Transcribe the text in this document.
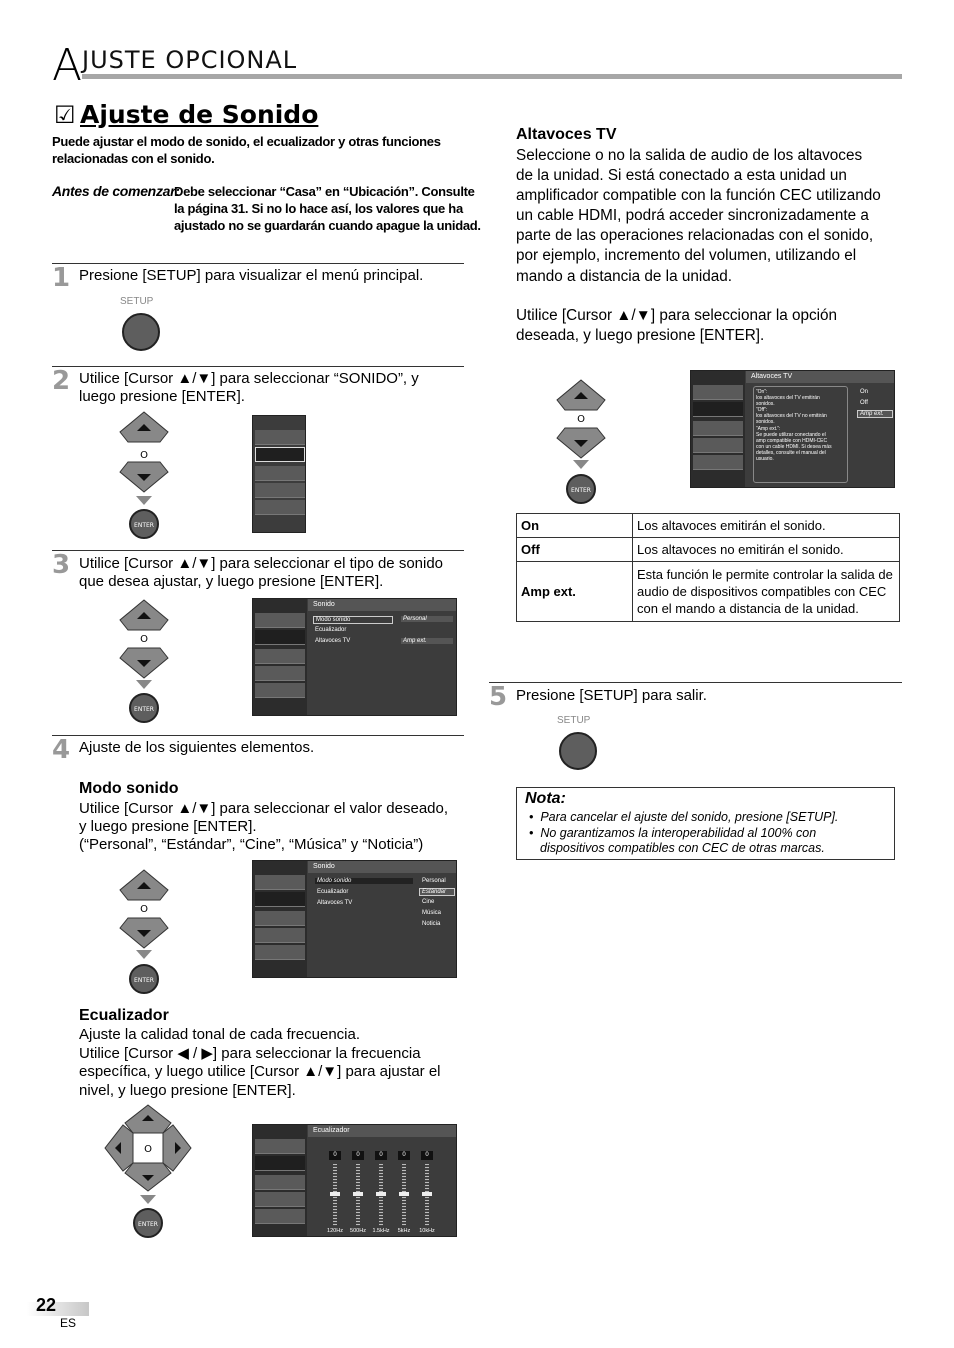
A JUSTE OPCIONAL
☑ Ajuste de Sonido
Puede ajustar el modo de sonido, el ecualizador y otras funciones
relacionadas con el sonido.
Antes de comenzar:
Debe seleccionar “Casa” en “Ubicación”. Consulte
la página 31. Si no lo hace así, los valores que ha
ajustado no se guardarán cuando apague la unidad.
1 Presione [SETUP] para visualizar el menú principal.
SETUP
2 Utilice [Cursor ▲/▼] para seleccionar “SONIDO”, y
luego presione [ENTER].
O
ENTER
3 Utilice [Cursor ▲/▼] para seleccionar el tipo de sonido
que desea ajustar, y luego presione [ENTER].
O
ENTER
Sonido
Modo sonido
Ecualizador
Altavoces TV
Personal
Amp ext.
4 Ajuste de los siguientes elementos.
Modo sonido
Utilice [Cursor ▲/▼] para seleccionar el valor deseado,
y luego presione [ENTER].
(“Personal”, “Estándar”, “Cine”, “Música” y “Noticia”)
O
ENTER
Sonido
Modo sonido
Ecualizador
Altavoces TV
Personal
Estándar
Cine
Música
Noticia
Ecualizador
Ajuste la calidad tonal de cada frecuencia.
Utilice [Cursor ◀ / ▶] para seleccionar la frecuencia
específica, y luego utilice [Cursor ▲/▼] para ajustar el
nivel, y luego presione [ENTER].
O
ENTER
Ecualizador
0
120Hz
0
500Hz
0
1.5kHz
0
5kHz
0
10kHz
Altavoces TV
Seleccione o no la salida de audio de los altavoces
de la unidad. Si está conectado a esta unidad un
amplificador compatible con la función CEC utilizando
un cable HDMI, podrá acceder sincronizadamente a
parte de las operaciones relacionadas con el sonido,
por ejemplo, incremento del volumen, utilizando el
mando a distancia de la unidad.
Utilice [Cursor ▲/▼] para seleccionar la opción
deseada, y luego presione [ENTER].
O
ENTER
Altavoces TV
“On”:
los altavoces del TV emitirán
sonidos.
“Off”:
los altavoces del TV no emitirán
sonidos.
“Amp ext.”:
Se puede utilizar conectando el
amp compatible con HDMI-CEC
con un cable HDMI. Si desea más
detalles, consulte el manual del
usuario.
On
Off
Amp ext.
On	Los altavoces emitirán el sonido.
Off	Los altavoces no emitirán el sonido.
Amp ext.	Esta función le permite controlar la salida de audio de dispositivos compatibles con CEC con el mando a distancia de la unidad.
5 Presione [SETUP] para salir.
SETUP
Nota:
•  Para cancelar el ajuste del sonido, presione [SETUP].
•  No garantizamos la interoperabilidad al 100% con
dispositivos compatibles con CEC de otras marcas.
22
ES
